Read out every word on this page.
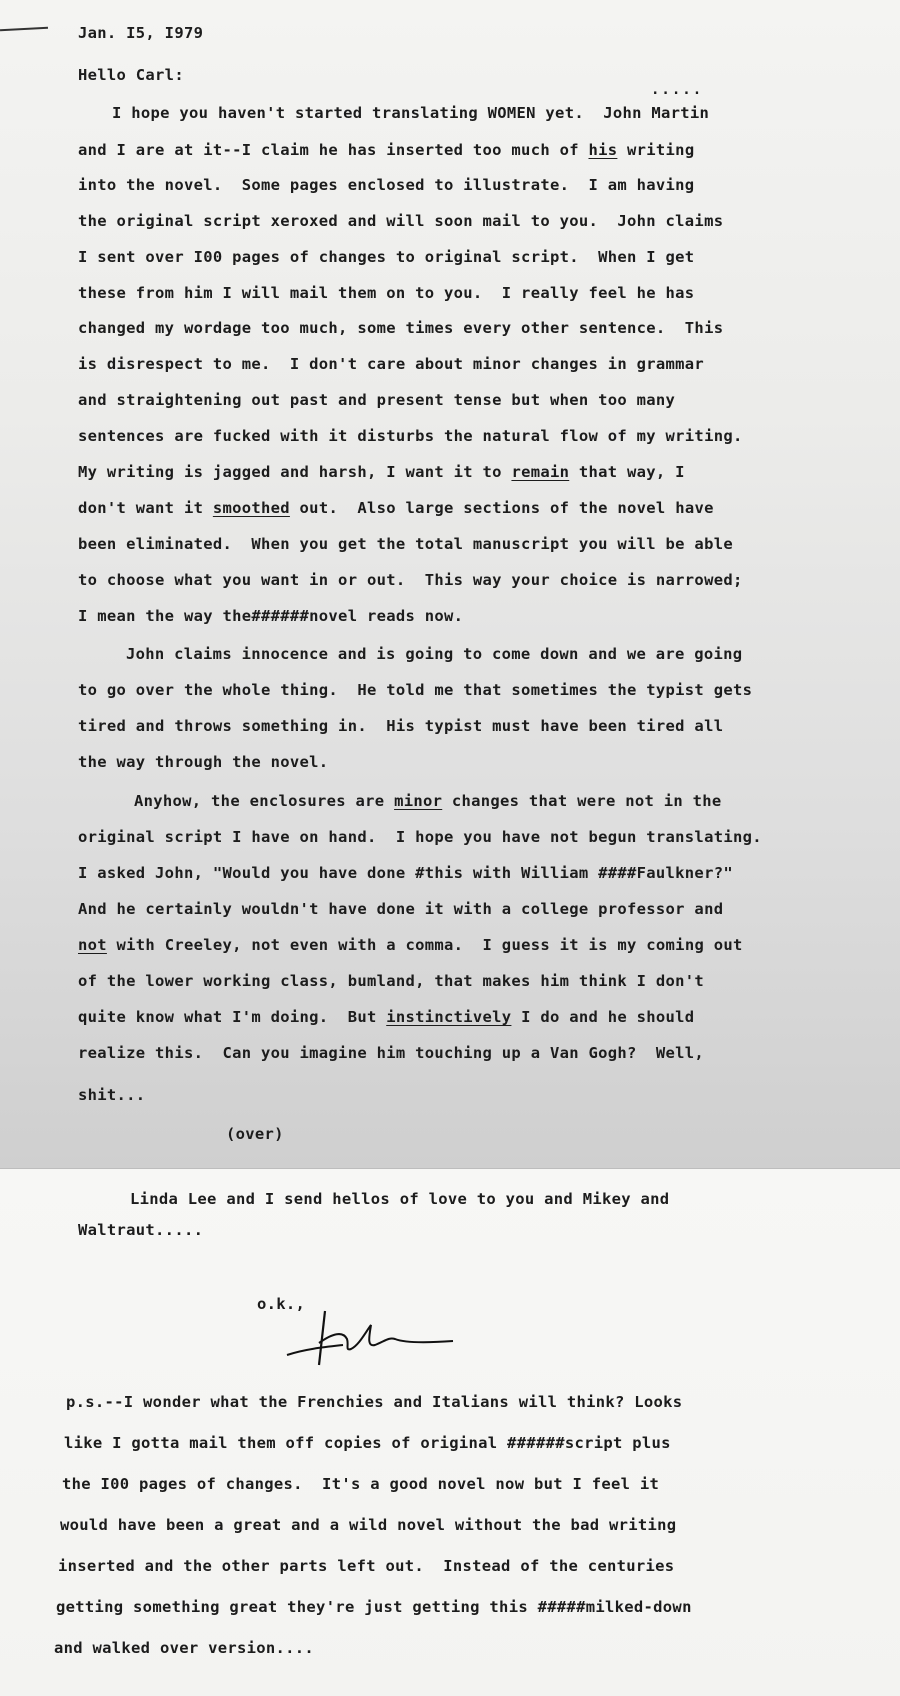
Jan. I5, I979

Hello Carl:

.....

I hope you haven't started translating WOMEN yet.  John Martin

and I are at it--I claim he has inserted too much of his writing

into the novel.  Some pages enclosed to illustrate.  I am having

the original script xeroxed and will soon mail to you.  John claims

I sent over I00 pages of changes to original script.  When I get

these from him I will mail them on to you.  I really feel he has

changed my wordage too much, some times every other sentence.  This

is disrespect to me.  I don't care about minor changes in grammar

and straightening out past and present tense but when too many

sentences are fucked with it disturbs the natural flow of my writing.

My writing is jagged and harsh, I want it to remain that way, I

don't want it smoothed out.  Also large sections of the novel have

been eliminated.  When you get the total manuscript you will be able

to choose what you want in or out.  This way your choice is narrowed;

I mean the way the######novel reads now.

John claims innocence and is going to come down and we are going

to go over the whole thing.  He told me that sometimes the typist gets

tired and throws something in.  His typist must have been tired all

the way through the novel.

Anyhow, the enclosures are minor changes that were not in the

original script I have on hand.  I hope you have not begun translating.

I asked John, "Would you have done #this with William ####Faulkner?"

And he certainly wouldn't have done it with a college professor and

not with Creeley, not even with a comma.  I guess it is my coming out

of the lower working class, bumland, that makes him think I don't

quite know what I'm doing.  But instinctively I do and he should

realize this.  Can you imagine him touching up a Van Gogh?  Well,

shit...

(over)

Linda Lee and I send hellos of love to you and Mikey and

Waltraut.....

o.k.,

p.s.--I wonder what the Frenchies and Italians will think? Looks

like I gotta mail them off copies of original ######script plus

the I00 pages of changes.  It's a good novel now but I feel it

would have been a great and a wild novel without the bad writing

inserted and the other parts left out.  Instead of the centuries

getting something great they're just getting this #####milked-down

and walked over version....
